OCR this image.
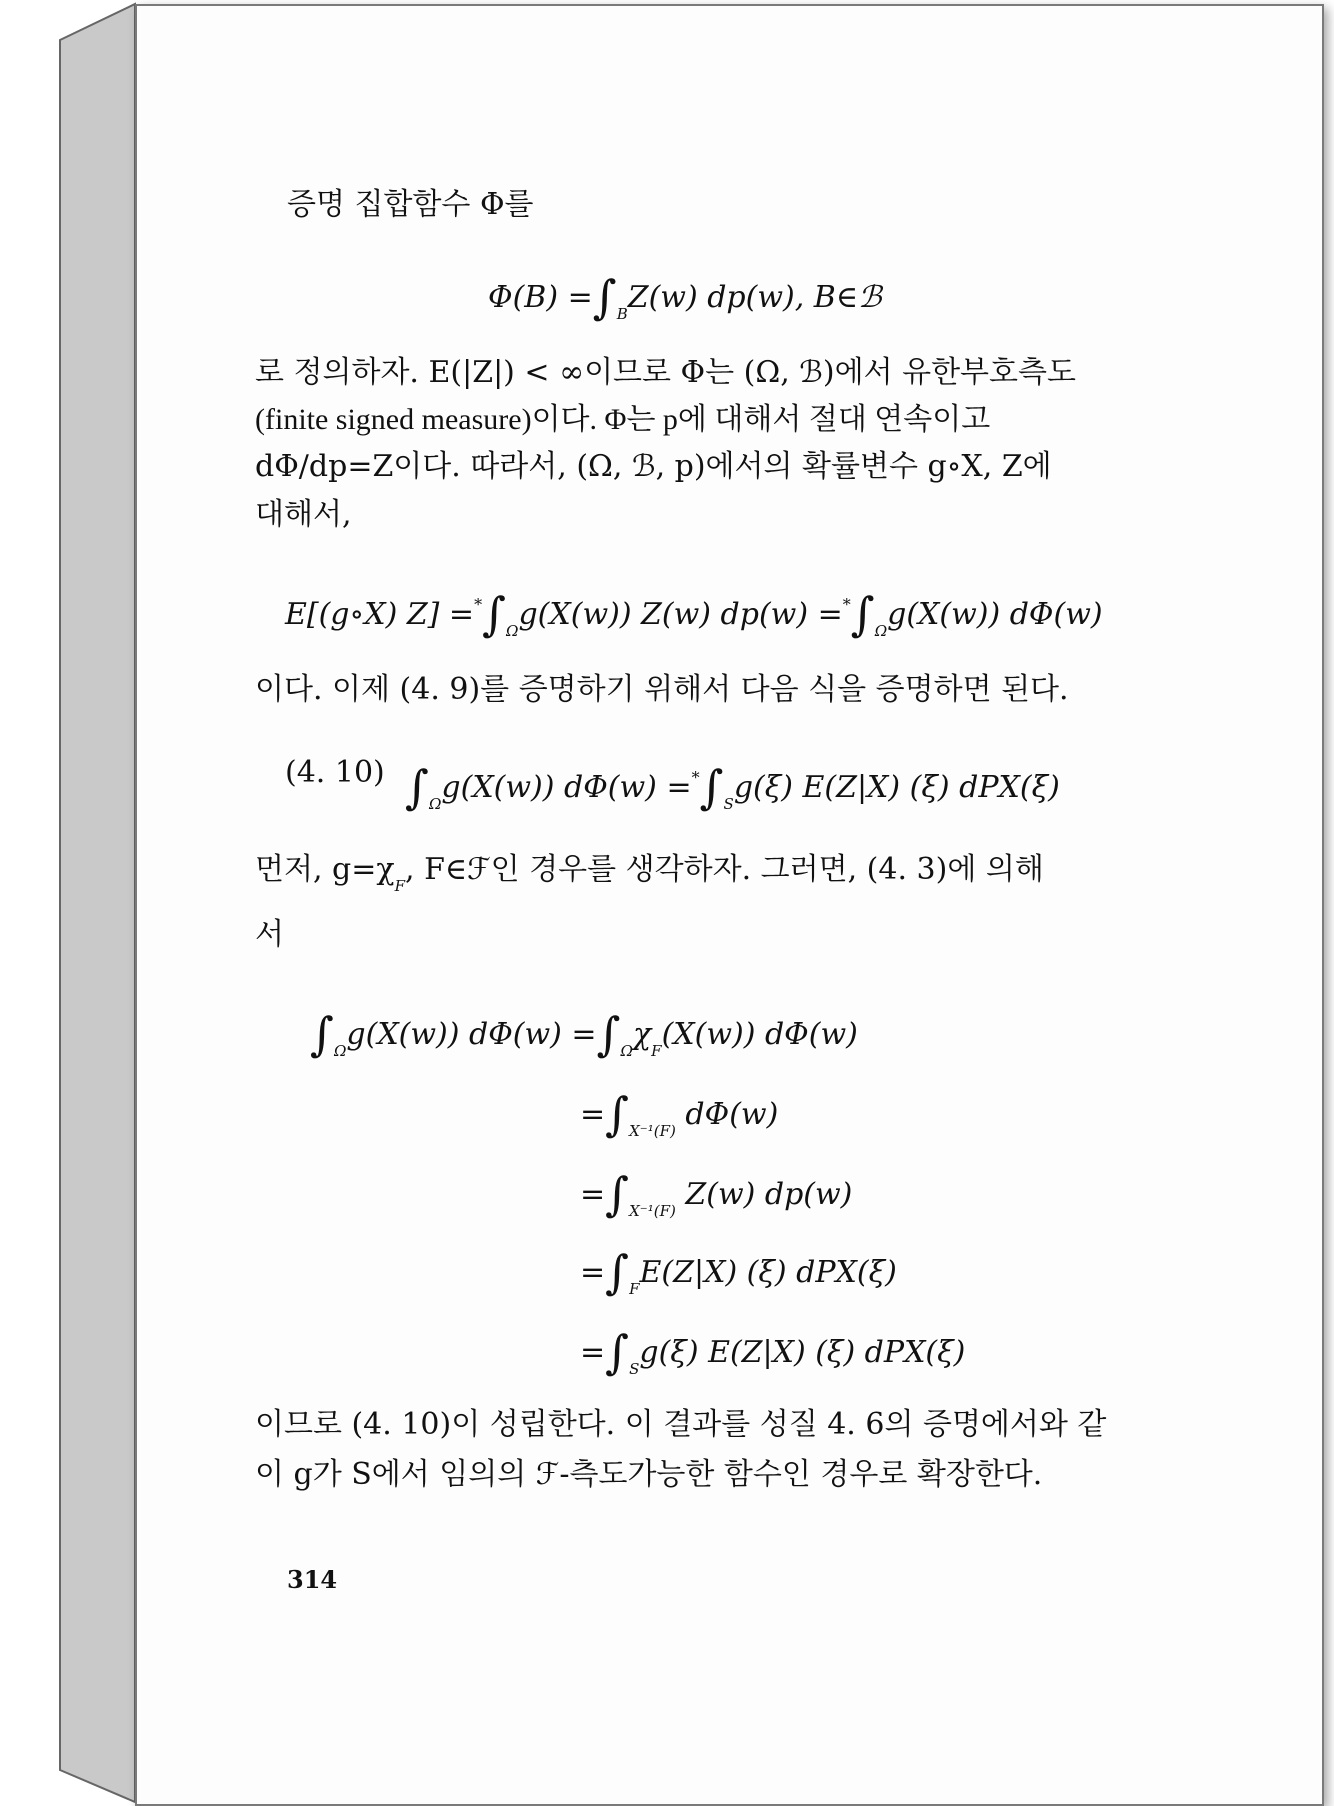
증명 집합함수 Φ를
$\Phi(B) =\int_BZ(w)$ dp(w), B∈ℬ
로 정의하자. E(|Z|) < ∞이므로 Φ는 (Ω, ℬ)에서 유한부호측도
(finite signed measure)이다. Φ는 p에 대해서 절대 연속이고
dΦ/dp=Z이다. 따라서, (Ω, ℬ, p)에서의 확률변수 g∘X, Z에
대해서,
E[(g∘X) $Z] =^*\int_\Omega g(X(w))$ Z(w) $dp(w) =^*\int_\Omega g(X(w))$ dΦ(w)
이다. 이제 (4. 9)를 증명하기 위해서 다음 식을 증명하면 된다.
(4. 10) $\int_\Omega g(X(w))$ $d\Phi(w) =^*\int_Sg(\xi)$ E(Z|X) (ξ) dPX(ξ)
먼저, $g=\chi_F$, F∈ℱ인 경우를 생각하자. 그러면, (4. 3)에 의해
서
$\int_\Omega g(X(w))$ $d\Phi(w) =\int_\Omega\chi_F(X(w))$ dΦ(w)
$=\int_{X^{-1}(F)}$ dΦ(w)
$=\int_{X^{-1}(F)}$ Z(w) dp(w)
$=\int_FE(Z|X)$ (ξ) dPX(ξ)
$=\int_Sg(\xi)$ E(Z|X) (ξ) dPX(ξ)
이므로 (4. 10)이 성립한다. 이 결과를 성질 4. 6의 증명에서와 같
이 g가 S에서 임의의 ℱ-측도가능한 함수인 경우로 확장한다.
314
